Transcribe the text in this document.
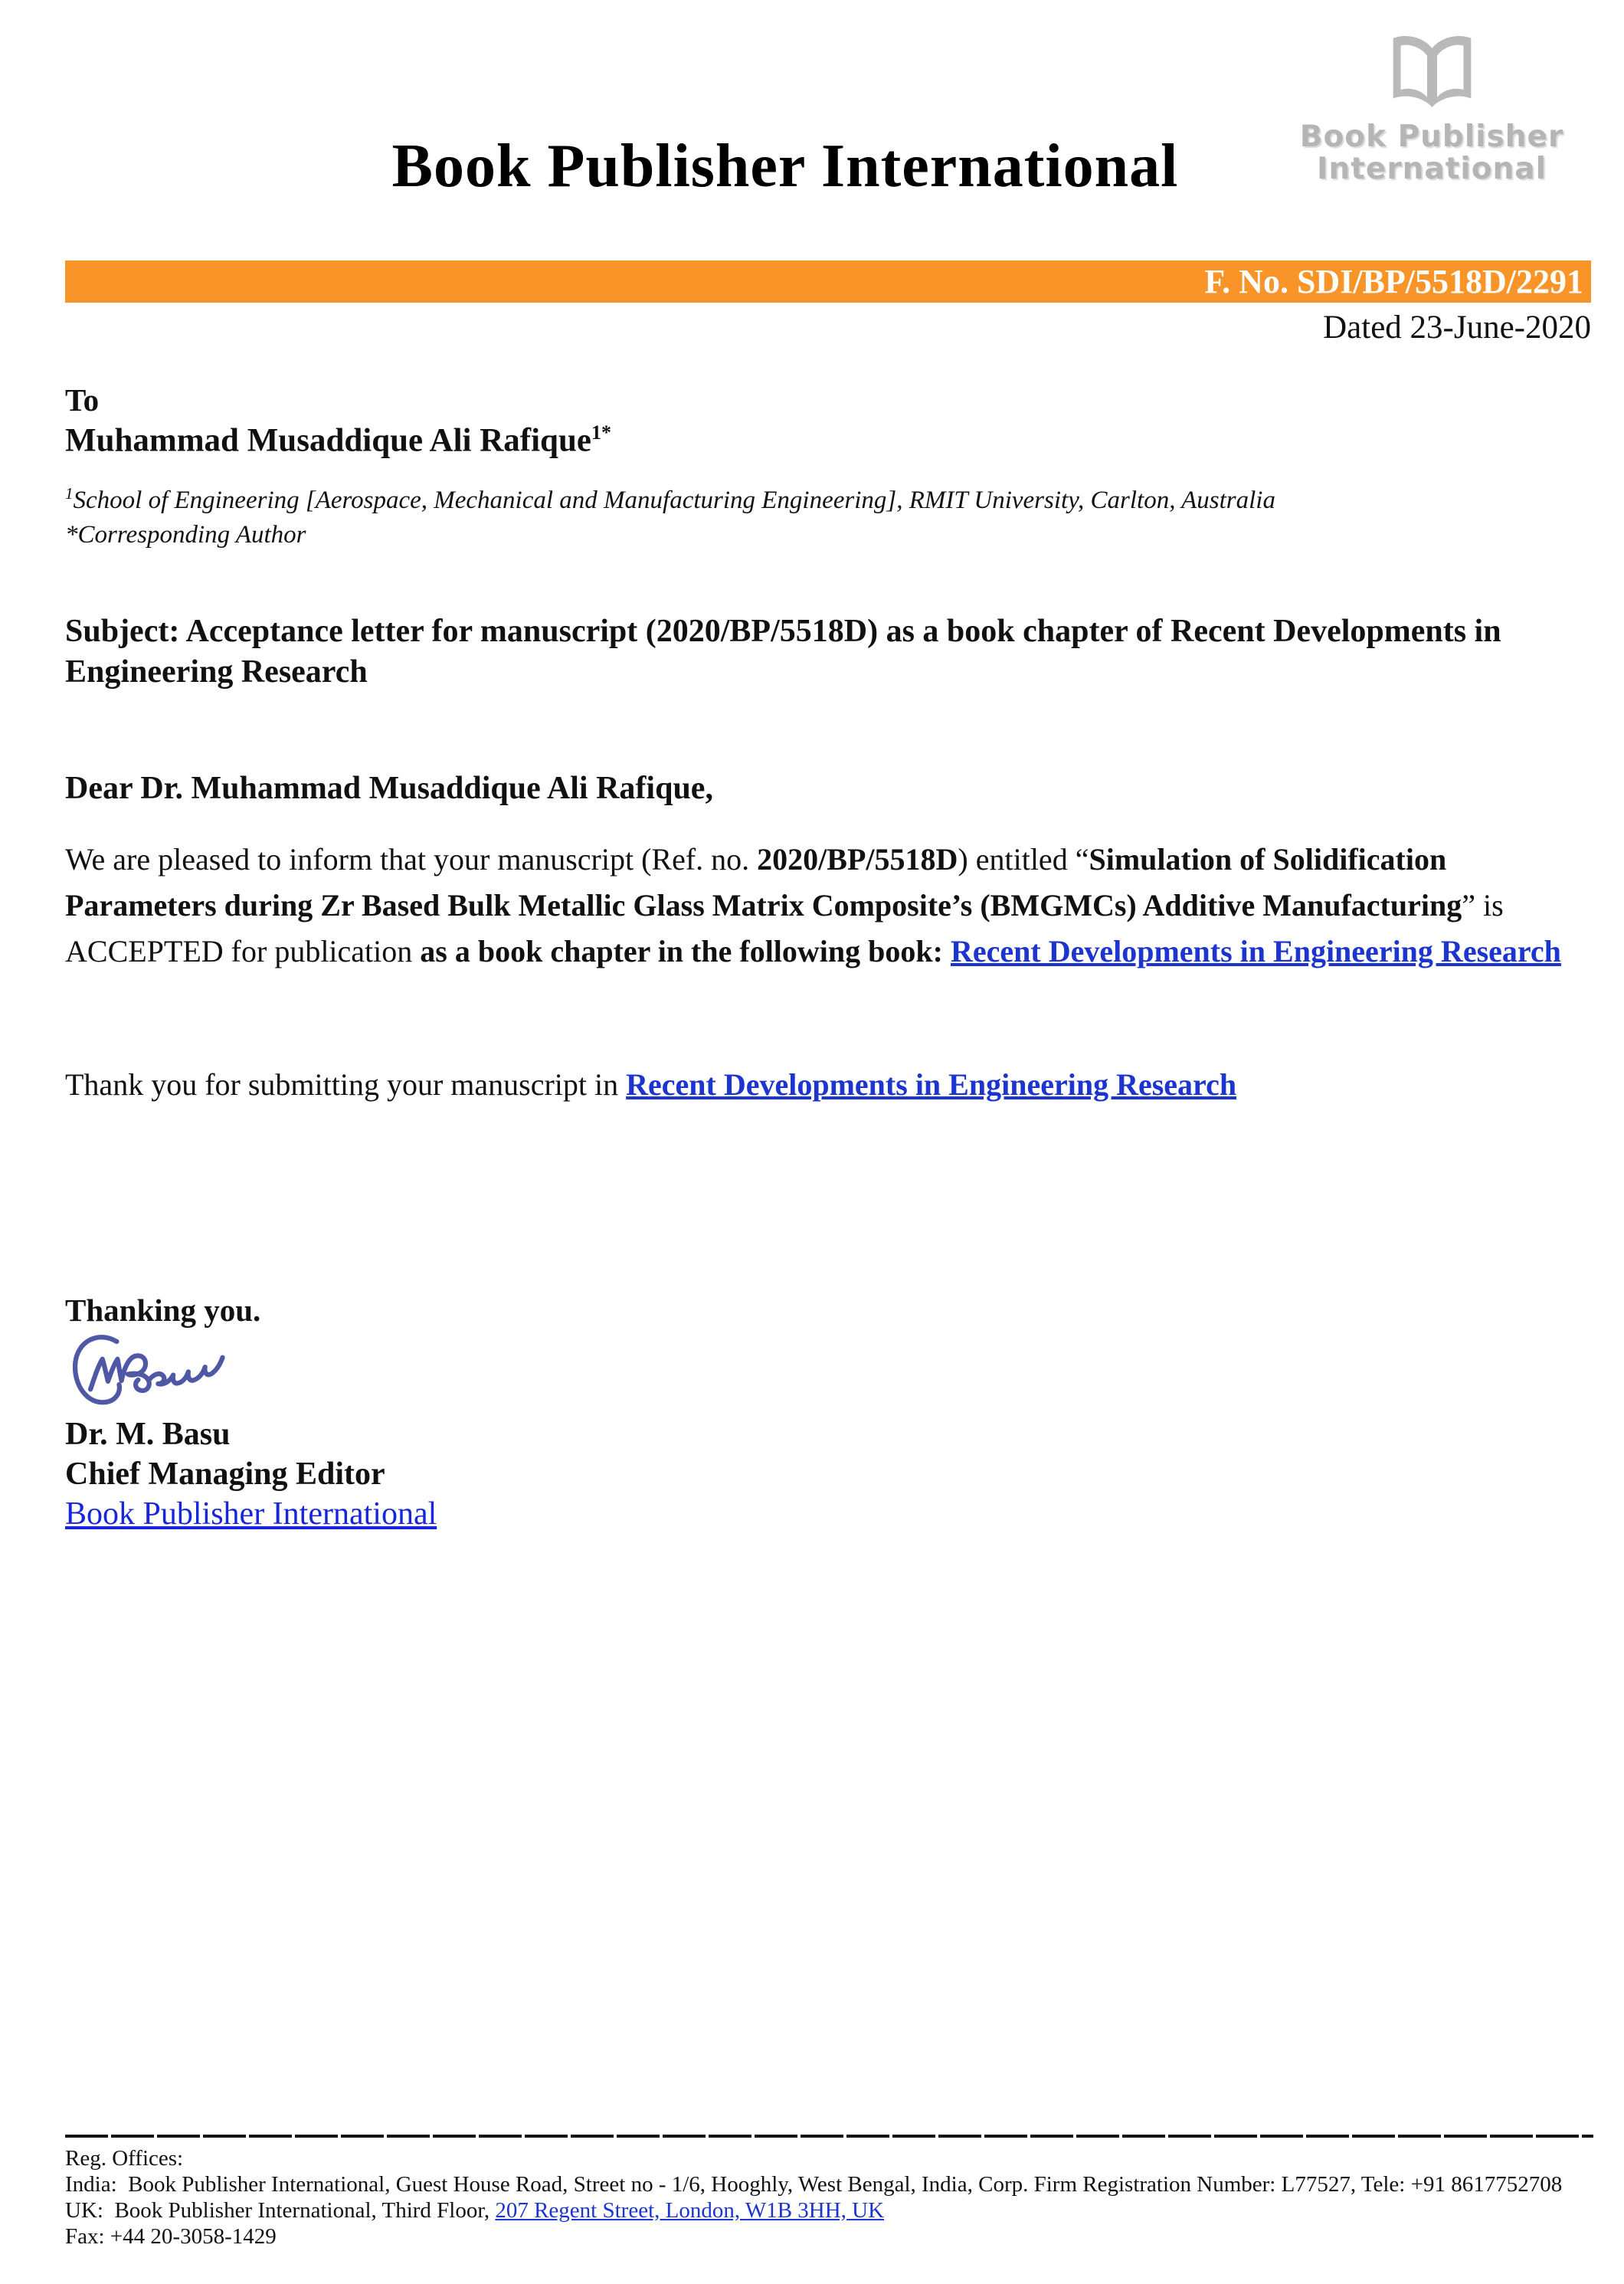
Book Publisher International	Book Publisher
International
F. No. SDI/BP/5518D/2291
Dated 23-June-2020
To
Muhammad Musaddique Ali Rafique$^{1*}$
$^1$School of Engineering [Aerospace, Mechanical and Manufacturing Engineering], RMIT University, Carlton, Australia
*Corresponding Author
Subject: Acceptance letter for manuscript (2020/BP/5518D) as a book chapter of Recent Developments in Engineering Research
Dear Dr. Muhammad Musaddique Ali Rafique,

We are pleased to inform that your manuscript (Ref. no. 2020/BP/5518D) entitled “Simulation of Solidification Parameters during Zr Based Bulk Metallic Glass Matrix Composite’s (BMGMCs) Additive Manufacturing” is ACCEPTED for publication as a book chapter in the following book: Recent Developments in Engineering Research

Thank you for submitting your manuscript in Recent Developments in Engineering Research

Thanking you.
Dr. M. Basu
Chief Managing Editor
Book Publisher International
Reg. Offices:
India:  Book Publisher International, Guest House Road, Street no - 1/6, Hooghly, West Bengal, India, Corp. Firm Registration Number: L77527, Tele: +91 8617752708
UK:  Book Publisher International, Third Floor, 207 Regent Street, London, W1B 3HH, UK
Fax: +44 20-3058-1429
